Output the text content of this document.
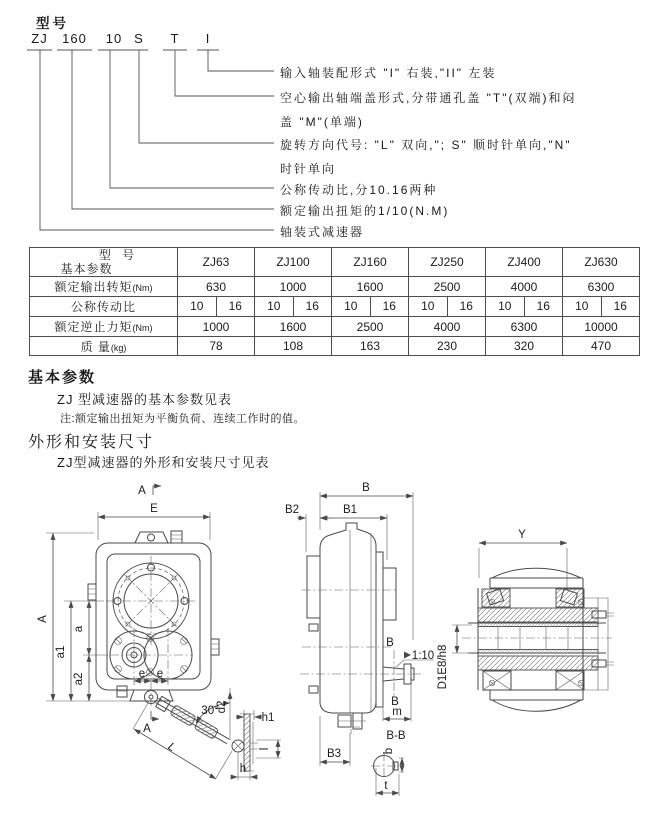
A
E
A
a
a1
a2	e e
30°
d2
L
A
h1
l
h
B
B1
B2
B
1:10
B
m
B-B
B3	b
t
Y
D1E8/h8
型号
ZJ	160	10 S	T	I
输入轴装配形式 "I" 右装,"II" 左装
空心输出轴端盖形式,分带通孔盖 "T"(双端)和闷
盖 "M"(单端)
旋转方向代号: "L" 双向,"; S" 顺时针单向,"N"
时针单向
公称传动比,分10.16两种
额定输出扭矩的1/10(N.M)
轴装式减速器
型 号
基本参数	ZJ63	ZJ100	ZJ160	ZJ250	ZJ400	ZJ630
额定输出转矩(Nm)	630	1000	1600	2500	4000	6300
公称传动比	10 16	10 16	10 16	10 16	10 16	10 16

额定逆止力矩(Nm)	1000	1600	2500	4000	6300	10000
质 量(kg)	78	108	163	230	320	470
基本参数
ZJ 型减速器的基本参数见表
注:额定输出扭矩为平衡负荷、连续工作时的值。
外形和安装尺寸
ZJ型减速器的外形和安装尺寸见表
